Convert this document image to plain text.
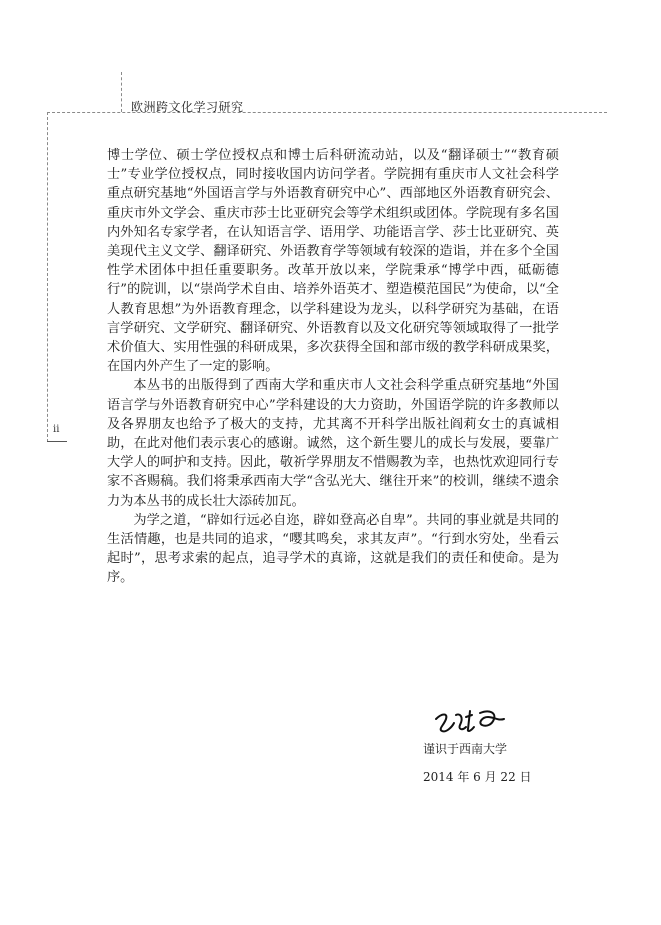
欧洲跨文化学习研究
ii

博士学位、硕士学位授权点和博士后科研流动站，以及“翻译硕士”“教育硕士”专业学位授权点，同时接收国内访问学者。学院拥有重庆市人文社会科学重点研究基地“外国语言学与外语教育研究中心”、西部地区外语教育研究会、重庆市外文学会、重庆市莎士比亚研究会等学术组织或团体。学院现有多名国内外知名专家学者，在认知语言学、语用学、功能语言学、莎士比亚研究、英美现代主义文学、翻译研究、外语教育学等领域有较深的造诣，并在多个全国性学术团体中担任重要职务。改革开放以来，学院秉承“博学中西，砥砺德行”的院训，以“崇尚学术自由、培养外语英才、塑造模范国民”为使命，以“全人教育思想”为外语教育理念，以学科建设为龙头，以科学研究为基础，在语言学研究、文学研究、翻译研究、外语教育以及文化研究等领域取得了一批学术价值大、实用性强的科研成果，多次获得全国和部市级的教学科研成果奖，在国内外产生了一定的影响。

本丛书的出版得到了西南大学和重庆市人文社会科学重点研究基地“外国语言学与外语教育研究中心”学科建设的大力资助，外国语学院的许多教师以及各界朋友也给予了极大的支持，尤其离不开科学出版社阎莉女士的真诚相助，在此对他们表示衷心的感谢。诚然，这个新生婴儿的成长与发展，要靠广大学人的呵护和支持。因此，敬祈学界朋友不惜赐教为幸，也热忱欢迎同行专家不吝赐稿。我们将秉承西南大学“含弘光大、继往开来”的校训，继续不遗余力为本丛书的成长壮大添砖加瓦。

为学之道，“辟如行远必自迩，辟如登高必自卑”。共同的事业就是共同的生活情趣，也是共同的追求，“嘤其鸣矣，求其友声”。“行到水穷处，坐看云起时”，思考求索的起点，追寻学术的真谛，这就是我们的责任和使命。是为序。

谨识于西南大学
2014 年 6 月 22 日
